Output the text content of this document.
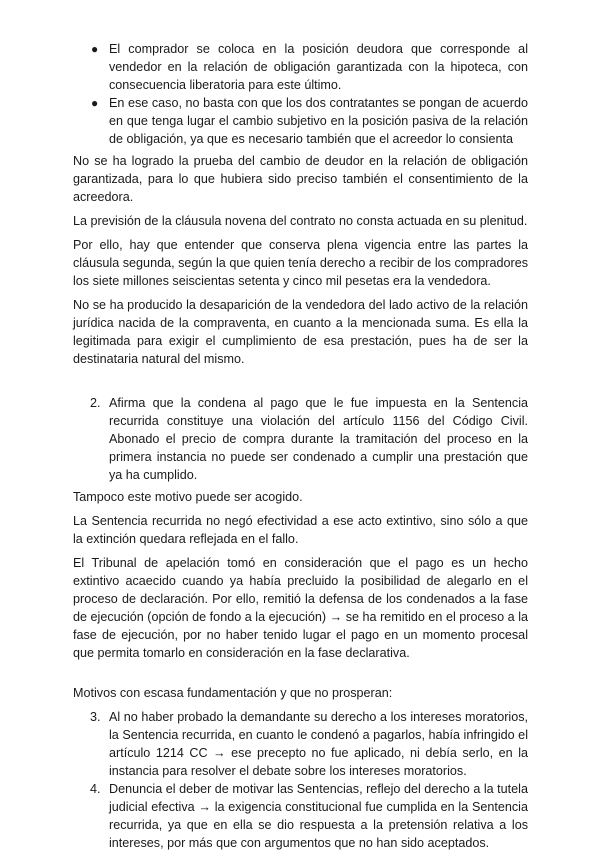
● El comprador se coloca en la posición deudora que corresponde al vendedor en la relación de obligación garantizada con la hipoteca, con consecuencia liberatoria para este último.
● En ese caso, no basta con que los dos contratantes se pongan de acuerdo en que tenga lugar el cambio subjetivo en la posición pasiva de la relación de obligación, ya que es necesario también que el acreedor lo consienta

No se ha logrado la prueba del cambio de deudor en la relación de obligación garantizada, para lo que hubiera sido preciso también el consentimiento de la acreedora.

La previsión de la cláusula novena del contrato no consta actuada en su plenitud.

Por ello, hay que entender que conserva plena vigencia entre las partes la cláusula segunda, según la que quien tenía derecho a recibir de los compradores los siete millones seiscientas setenta y cinco mil pesetas era la vendedora.

No se ha producido la desaparición de la vendedora del lado activo de la relación jurídica nacida de la compraventa, en cuanto a la mencionada suma. Es ella la legitimada para exigir el cumplimiento de esa prestación, pues ha de ser la destinataria natural del mismo.

2. Afirma que la condena al pago que le fue impuesta en la Sentencia recurrida constituye una violación del artículo 1156 del Código Civil. Abonado el precio de compra durante la tramitación del proceso en la primera instancia no puede ser condenado a cumplir una prestación que ya ha cumplido.

Tampoco este motivo puede ser acogido.

La Sentencia recurrida no negó efectividad a ese acto extintivo, sino sólo a que la extinción quedara reflejada en el fallo.

El Tribunal de apelación tomó en consideración que el pago es un hecho extintivo acaecido cuando ya había precluido la posibilidad de alegarlo en el proceso de declaración. Por ello, remitió la defensa de los condenados a la fase de ejecución (opción de fondo a la ejecución) → se ha remitido en el proceso a la fase de ejecución, por no haber tenido lugar el pago en un momento procesal que permita tomarlo en consideración en la fase declarativa.

Motivos con escasa fundamentación y que no prosperan:

3. Al no haber probado la demandante su derecho a los intereses moratorios, la Sentencia recurrida, en cuanto le condenó a pagarlos, había infringido el artículo 1214 CC → ese precepto no fue aplicado, ni debía serlo, en la instancia para resolver el debate sobre los intereses moratorios.
4. Denuncia el deber de motivar las Sentencias, reflejo del derecho a la tutela judicial efectiva → la exigencia constitucional fue cumplida en la Sentencia recurrida, ya que en ella se dio respuesta a la pretensión relativa a los intereses, por más que con argumentos que no han sido aceptados.
